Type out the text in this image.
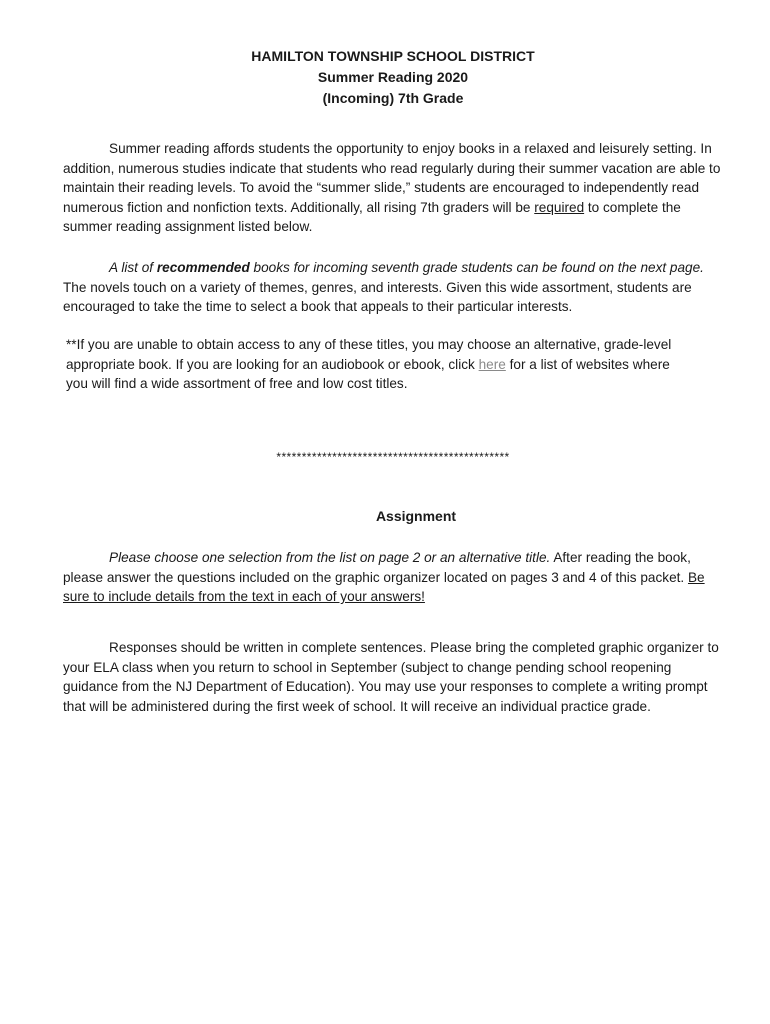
HAMILTON TOWNSHIP SCHOOL DISTRICT
Summer Reading 2020
(Incoming) 7th Grade

Summer reading affords students the opportunity to enjoy books in a relaxed and leisurely setting. In addition, numerous studies indicate that students who read regularly during their summer vacation are able to maintain their reading levels. To avoid the “summer slide,” students are encouraged to independently read numerous fiction and nonfiction texts. Additionally, all rising 7th graders will be required to complete the summer reading assignment listed below.

A list of recommended books for incoming seventh grade students can be found on the next page. The novels touch on a variety of themes, genres, and interests. Given this wide assortment, students are encouraged to take the time to select a book that appeals to their particular interests.

**If you are unable to obtain access to any of these titles, you may choose an alternative, grade-level appropriate book. If you are looking for an audiobook or ebook, click here for a list of websites where you will find a wide assortment of free and low cost titles.

**********************************************
Assignment

Please choose one selection from the list on page 2 or an alternative title. After reading the book, please answer the questions included on the graphic organizer located on pages 3 and 4 of this packet. Be sure to include details from the text in each of your answers!

Responses should be written in complete sentences. Please bring the completed graphic organizer to your ELA class when you return to school in September (subject to change pending school reopening guidance from the NJ Department of Education). You may use your responses to complete a writing prompt that will be administered during the first week of school. It will receive an individual practice grade.
